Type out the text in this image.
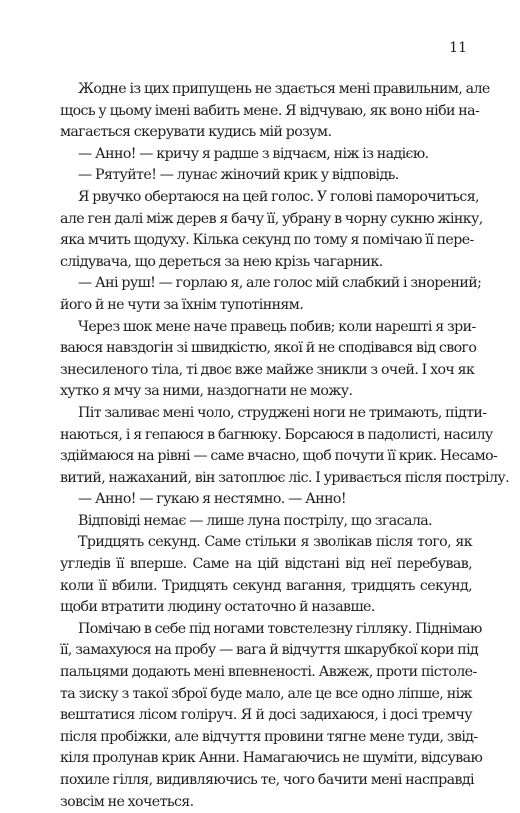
11
Жодне із цих припущень не здається мені правильним, але
щось у цьому імені вабить мене. Я відчуваю, як воно ніби на-
магається скерувати кудись мій розум.
— Анно! — кричу я радше з відчаєм, ніж із надією.
— Рятуйте! — лунає жіночий крик у відповідь.
Я рвучко обертаюся на цей голос. У голові паморочиться,
але ген далі між дерев я бачу її, убрану в чорну сукню жінку,
яка мчить щодуху. Кілька секунд по тому я помічаю її пере-
слідувача, що дереться за нею крізь чагарник.
— Ані руш! — горлаю я, але голос мій слабкий і знорений;
його й не чути за їхнім тупотінням.
Через шок мене наче правець побив; коли нарешті я зри-
ваюся навздогін зі швидкістю, якої й не сподівався від свого
знесиленого тіла, ті двоє вже майже зникли з очей. І хоч як
хутко я мчу за ними, наздогнати не можу.
Піт заливає мені чоло, струджені ноги не тримають, підти-
наються, і я гепаюся в багнюку. Борсаюся в падолисті, насилу
здіймаюся на рівні — саме вчасно, щоб почути її крик. Несамо-
витий, нажаханий, він затоплює ліс. І уривається після пострілу.
— Анно! — гукаю я нестямно. — Анно!
Відповіді немає — лише луна пострілу, що згасала.
Тридцять секунд. Саме стільки я зволікав після того, як
угледів її вперше. Саме на цій відстані від неї перебував,
коли її вбили. Тридцять секунд вагання, тридцять секунд,
щоби втратити людину остаточно й назавше.
Помічаю в себе під ногами товстелезну гілляку. Піднімаю
її, замахуюся на пробу — вага й відчуття шкарубкої кори під
пальцями додають мені впевненості. Авжеж, проти пістоле-
та зиску з такої зброї буде мало, але це все одно ліпше, ніж
вештатися лісом голіруч. Я й досі задихаюся, і досі тремчу
після пробіжки, але відчуття провини тягне мене туди, звід-
кіля пролунав крик Анни. Намагаючись не шуміти, відсуваю
похиле гілля, видивляючись те, чого бачити мені насправді
зовсім не хочеться.
